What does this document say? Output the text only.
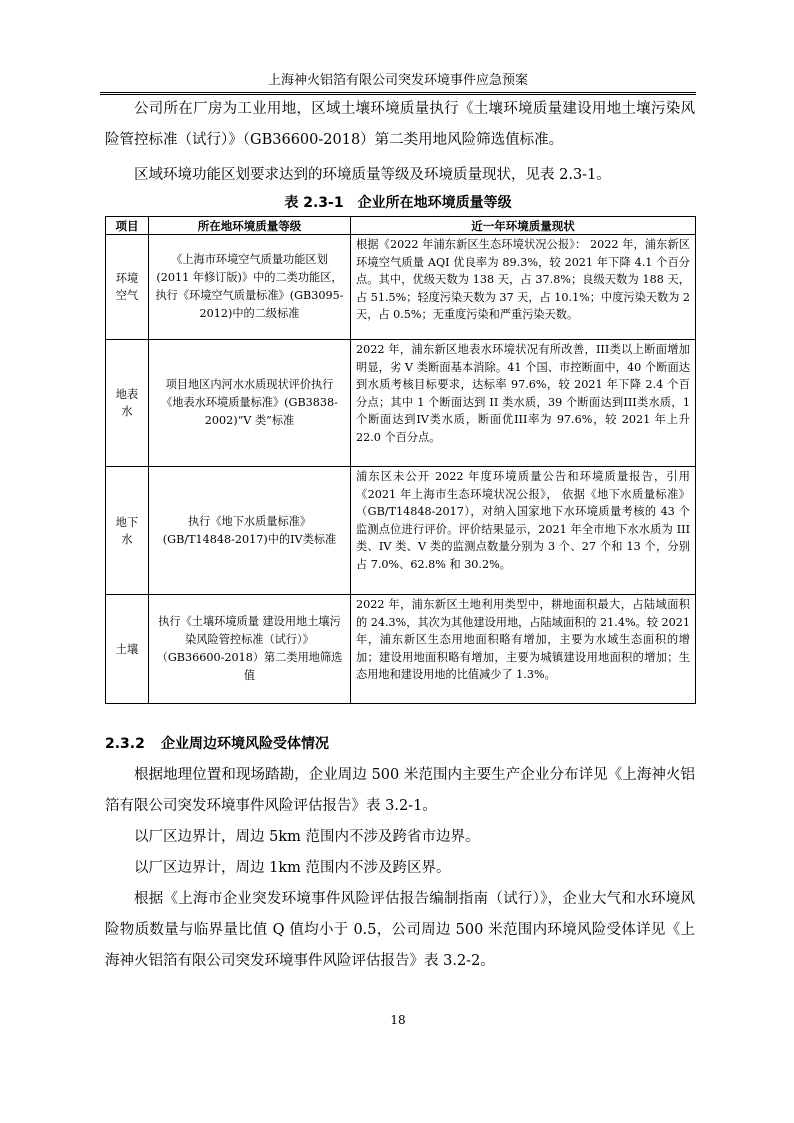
上海神火铝箔有限公司突发环境事件应急预案
公司所在厂房为工业用地，区域土壤环境质量执行《土壤环境质量建设用地土壤污染风险管控标准（试行）》（GB36600-2018）第二类用地风险筛选值标准。
区域环境功能区划要求达到的环境质量等级及环境质量现状，见表 2.3-1。
表 2.3-1　企业所在地环境质量等级
项目	所在地环境质量等级	近一年环境质量现状
环境空气	《上海市环境空气质量功能区划(2011 年修订版)》中的二类功能区，执行《环境空气质量标准》(GB3095-2012)中的二级标准	根据《2022 年浦东新区生态环境状况公报》： 2022 年，浦东新区环境空气质量 AQI 优良率为 89.3%，较 2021 年下降 4.1 个百分点。其中，优级天数为 138 天，占 37.8%；良级天数为 188 天，占 51.5%；轻度污染天数为 37 天，占 10.1%；中度污染天数为 2 天，占 0.5%；无重度污染和严重污染天数。
地表水	项目地区内河水水质现状评价执行《地表水环境质量标准》(GB3838-2002)“V 类”标准	2022 年，浦东新区地表水环境状况有所改善，III类以上断面增加明显，劣 V 类断面基本消除。41 个国、市控断面中，40 个断面达到水质考核目标要求，达标率 97.6%，较 2021 年下降 2.4 个百分点；其中 1 个断面达到 II 类水质，39 个断面达到III类水质，1 个断面达到IV类水质，断面优III率为 97.6%，较 2021 年上升 22.0 个百分点。
地下水	执行《地下水质量标准》(GB/T14848-2017)中的IV类标准	浦东区未公开 2022 年度环境质量公告和环境质量报告，引用《2021 年上海市生态环境状况公报》， 依据《地下水质量标准》（GB/T14848-2017），对纳入国家地下水环境质量考核的 43 个监测点位进行评价。评价结果显示，2021 年全市地下水水质为 III 类、IV 类、V 类的监测点数量分别为 3 个、27 个和 13 个，分别占 7.0%、62.8% 和 30.2%。
土壤	执行《土壤环境质量 建设用地土壤污染风险管控标准（试行）》（GB36600-2018）第二类用地筛选值	2022 年，浦东新区土地利用类型中，耕地面积最大，占陆域面积的 24.3%，其次为其他建设用地，占陆域面积的 21.4%。较 2021 年，浦东新区生态用地面积略有增加，主要为水域生态面积的增加；建设用地面积略有增加，主要为城镇建设用地面积的增加；生态用地和建设用地的比值减少了 1.3%。
2.3.2 企业周边环境风险受体情况
根据地理位置和现场踏勘，企业周边 500 米范围内主要生产企业分布详见《上海神火铝箔有限公司突发环境事件风险评估报告》表 3.2-1。
以厂区边界计，周边 5km 范围内不涉及跨省市边界。
以厂区边界计，周边 1km 范围内不涉及跨区界。
根据《上海市企业突发环境事件风险评估报告编制指南（试行）》，企业大气和水环境风险物质数量与临界量比值 Q 值均小于 0.5，公司周边 500 米范围内环境风险受体详见《上海神火铝箔有限公司突发环境事件风险评估报告》表 3.2-2。
18
